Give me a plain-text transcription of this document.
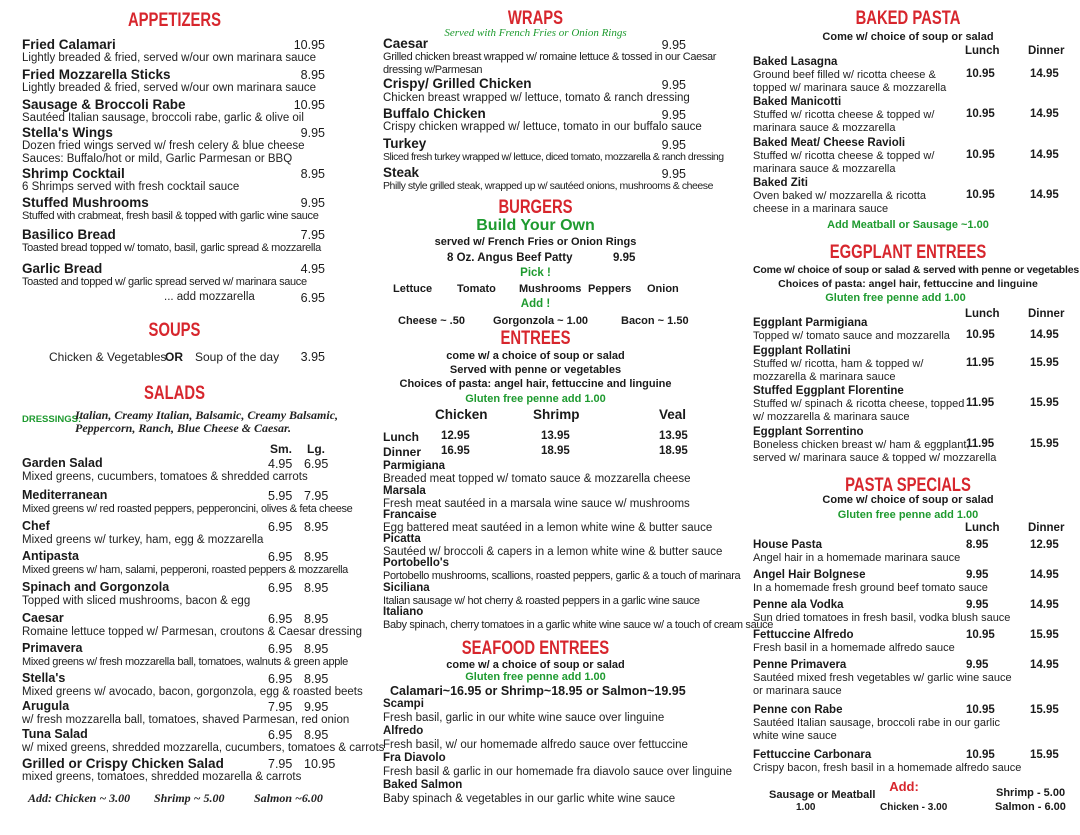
APPETIZERS
Fried Calamari	10.95
Lightly breaded & fried, served w/our own marinara sauce
Fried Mozzarella Sticks	8.95
Lightly breaded & fried, served w/our own marinara sauce
Sausage & Broccoli Rabe	10.95
Sautéed Italian sausage, broccoli rabe, garlic & olive oil
Stella's Wings	9.95
Dozen fried wings served w/ fresh celery & blue cheese
Sauces: Buffalo/hot or mild, Garlic Parmesan or BBQ
Shrimp Cocktail	8.95
6 Shrimps served with fresh cocktail sauce
Stuffed Mushrooms	9.95
Stuffed with crabmeat, fresh basil & topped with garlic wine sauce
Basilico Bread	7.95
Toasted bread topped w/ tomato, basil, garlic spread & mozzarella
Garlic Bread	4.95
Toasted and topped w/ garlic spread served w/ marinara sauce
... add mozzarella	6.95
SOUPS
Chicken & Vegetables
OR Soup of the day 3.95
SALADS
DRESSINGS:
Italian, Creamy Italian, Balsamic, Creamy Balsamic,
Peppercorn, Ranch, Blue Cheese & Caesar.
Sm. Lg.
Garden Salad	4.95 6.95
Mixed greens, cucumbers, tomatoes & shredded carrots
Mediterranean	5.95 7.95
Mixed greens w/ red roasted peppers, pepperoncini, olives & feta cheese
Chef	6.95 8.95
Mixed greens w/ turkey, ham, egg & mozzarella
Antipasta	6.95 8.95
Mixed greens w/ ham, salami, pepperoni, roasted peppers & mozzarella
Spinach and Gorgonzola	6.95 8.95
Topped with sliced mushrooms, bacon & egg
Caesar	6.95 8.95
Romaine lettuce topped w/ Parmesan, croutons & Caesar dressing
Primavera	6.95 8.95
Mixed greens w/ fresh mozzarella ball, tomatoes, walnuts & green apple
Stella's	6.95 8.95
Mixed greens w/ avocado, bacon, gorgonzola, egg & roasted beets
Arugula	7.95 9.95
w/ fresh mozzarella ball, tomatoes, shaved Parmesan, red onion
Tuna Salad	6.95 8.95
w/ mixed greens, shredded mozzarella, cucumbers, tomatoes & carrots
Grilled or Crispy Chicken Salad	7.95 10.95
mixed greens, tomatoes, shredded mozarella & carrots
Add: Chicken ~ 3.00 Shrimp ~ 5.00 Salmon ~6.00
WRAPS
Served with French Fries or Onion Rings
Caesar	9.95
Grilled chicken breast wrapped w/ romaine lettuce & tossed in our Caesar
dressing w/Parmesan
Crispy/ Grilled Chicken	9.95
Chicken breast wrapped w/ lettuce, tomato & ranch dressing
Buffalo Chicken	9.95
Crispy chicken wrapped w/ lettuce, tomato in our buffalo sauce
Turkey	9.95
Sliced fresh turkey wrapped w/ lettuce, diced tomato, mozzarella & ranch dressing
Steak	9.95
Philly style grilled steak, wrapped up w/ sautéed onions, mushrooms & cheese
BURGERS
Build Your Own
served w/ French Fries or Onion Rings
8 Oz. Angus Beef Patty	9.95
Pick !
Lettuce Tomato Mushrooms Peppers Onion
Add !
Cheese ~ .50	Gorgonzola ~ 1.00	Bacon ~ 1.50
ENTREES
come w/ a choice of soup or salad
Served with penne or vegetables
Choices of pasta: angel hair, fettuccine and linguine
Gluten free penne add 1.00
Chicken	Shrimp	Veal
Lunch 12.95	13.95	13.95
Dinner 16.95	18.95	18.95
Parmigiana
Breaded meat topped w/ tomato sauce & mozzarella cheese
Marsala
Fresh meat sautéed in a marsala wine sauce w/ mushrooms
Francaise
Egg battered meat sautéed in a lemon white wine & butter sauce
Picatta
Sautéed w/ broccoli & capers in a lemon white wine & butter sauce
Portobello's
Portobello mushrooms, scallions, roasted peppers, garlic & a touch of marinara
Siciliana
Italian sausage w/ hot cherry & roasted peppers in a garlic wine sauce
Italiano
Baby spinach, cherry tomatoes in a garlic white wine sauce w/ a touch of cream sauce
SEAFOOD ENTREES
come w/ a choice of soup or salad
Gluten free penne add 1.00
Calamari~16.95 or Shrimp~18.95 or Salmon~19.95
Scampi
Fresh basil, garlic in our white wine sauce over linguine
Alfredo
Fresh basil, w/ our homemade alfredo sauce over fettuccine
Fra Diavolo
Fresh basil & garlic in our homemade fra diavolo sauce over linguine
Baked Salmon
Baby spinach & vegetables in our garlic white wine sauce
BAKED PASTA
Come w/ choice of soup or salad
Lunch Dinner
Baked Lasagna
Ground beef filled w/ ricotta cheese &
topped w/ marinara sauce & mozzarella
10.95	14.95
Baked Manicotti
Stuffed w/ ricotta cheese & topped w/
marinara sauce & mozzarella
10.95	14.95
Baked Meat/ Cheese Ravioli
Stuffed w/ ricotta cheese & topped w/
marinara sauce & mozzarella
10.95	14.95
Baked Ziti
Oven baked w/ mozzarella & ricotta
cheese in a marinara sauce
10.95	14.95
Add Meatball or Sausage ~1.00
EGGPLANT ENTREES
Come w/ choice of soup or salad & served with penne or vegetables
Choices of pasta: angel hair, fettuccine and linguine
Gluten free penne add 1.00
Lunch Dinner
Eggplant Parmigiana
Topped w/ tomato sauce and mozzarella 10.95	14.95
Eggplant Rollatini
Stuffed w/ ricotta, ham & topped w/
mozzarella & marinara sauce
11.95	15.95
Stuffed Eggplant Florentine
Stuffed w/ spinach & ricotta cheese, topped
w/ mozzarella & marinara sauce
11.95	15.95
Eggplant Sorrentino
Boneless chicken breast w/ ham & eggplant,
served w/ marinara sauce & topped w/ mozzarella
11.95	15.95
PASTA SPECIALS
Come w/ choice of soup or salad
Gluten free penne add 1.00
Lunch Dinner
House Pasta
Angel hair in a homemade marinara sauce
8.95	12.95
Angel Hair Bolgnese
In a homemade fresh ground beef tomato sauce
9.95	14.95
Penne ala Vodka
Sun dried tomatoes in fresh basil, vodka blush sauce
9.95	14.95
Fettuccine Alfredo
Fresh basil in a homemade alfredo sauce
10.95	15.95
Penne Primavera
Sautéed mixed fresh vegetables w/ garlic wine sauce
or marinara sauce
9.95	14.95
Penne con Rabe
Sautéed Italian sausage, broccoli rabe in our garlic
white wine sauce
10.95	15.95
Fettuccine Carbonara
Crispy bacon, fresh basil in a homemade alfredo sauce
10.95	15.95
Add:
Sausage or Meatball
1.00	Chicken - 3.00
Shrimp - 5.00
Salmon - 6.00
